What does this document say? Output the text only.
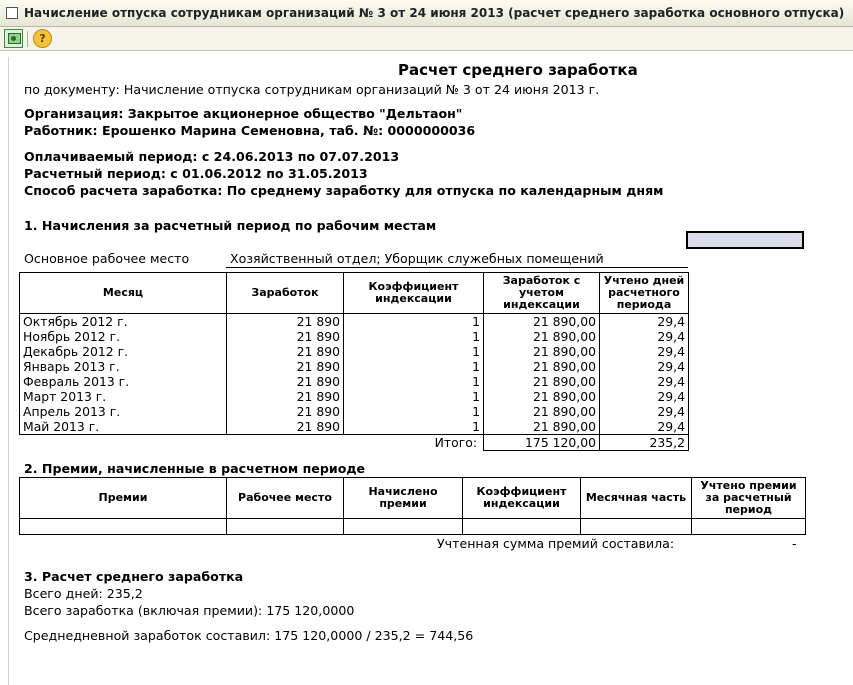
Начисление отпуска сотрудникам организаций № 3 от 24 июня 2013 (расчет среднего заработка основного отпуска)
?
Расчет среднего заработка
по документу: Начисление отпуска сотрудникам организаций № 3 от 24 июня 2013 г.
Организация: Закрытое акционерное общество "Дельтаон"
Работник: Ерошенко Марина Семеновна, таб. №: 0000000036
Оплачиваемый период: с 24.06.2013 по 07.07.2013
Расчетный период: с 01.06.2012 по 31.05.2013
Способ расчета заработка: По среднему заработку для отпуска по календарным дням
1. Начисления за расчетный период по рабочим местам
Основное рабочее место	Хозяйственный отдел; Уборщик служебных помещений
Месяц	Заработок	Коэффициент индексации	Заработок с учетом индексации	Учтено дней расчетного периода
Октябрь 2012 г.	21 890	1	21 890,00	29,4
Ноябрь 2012 г.	21 890	1	21 890,00	29,4
Декабрь 2012 г.	21 890	1	21 890,00	29,4
Январь 2013 г.	21 890	1	21 890,00	29,4
Февраль 2013 г.	21 890	1	21 890,00	29,4
Март 2013 г.	21 890	1	21 890,00	29,4
Апрель 2013 г.	21 890	1	21 890,00	29,4
Май 2013 г.	21 890	1	21 890,00	29,4
Итого:			175 120,00	235,2
2. Премии, начисленные в расчетном периоде
Премии	Рабочее место	Начислено премии	Коэффициент индексации	Месячная часть	Учтено премии за расчетный период

Учтенная сумма премий составила:	-
3. Расчет среднего заработка
Всего дней: 235,2
Всего заработка (включая премии): 175 120,0000
Среднедневной заработок составил: 175 120,0000 / 235,2 = 744,56
